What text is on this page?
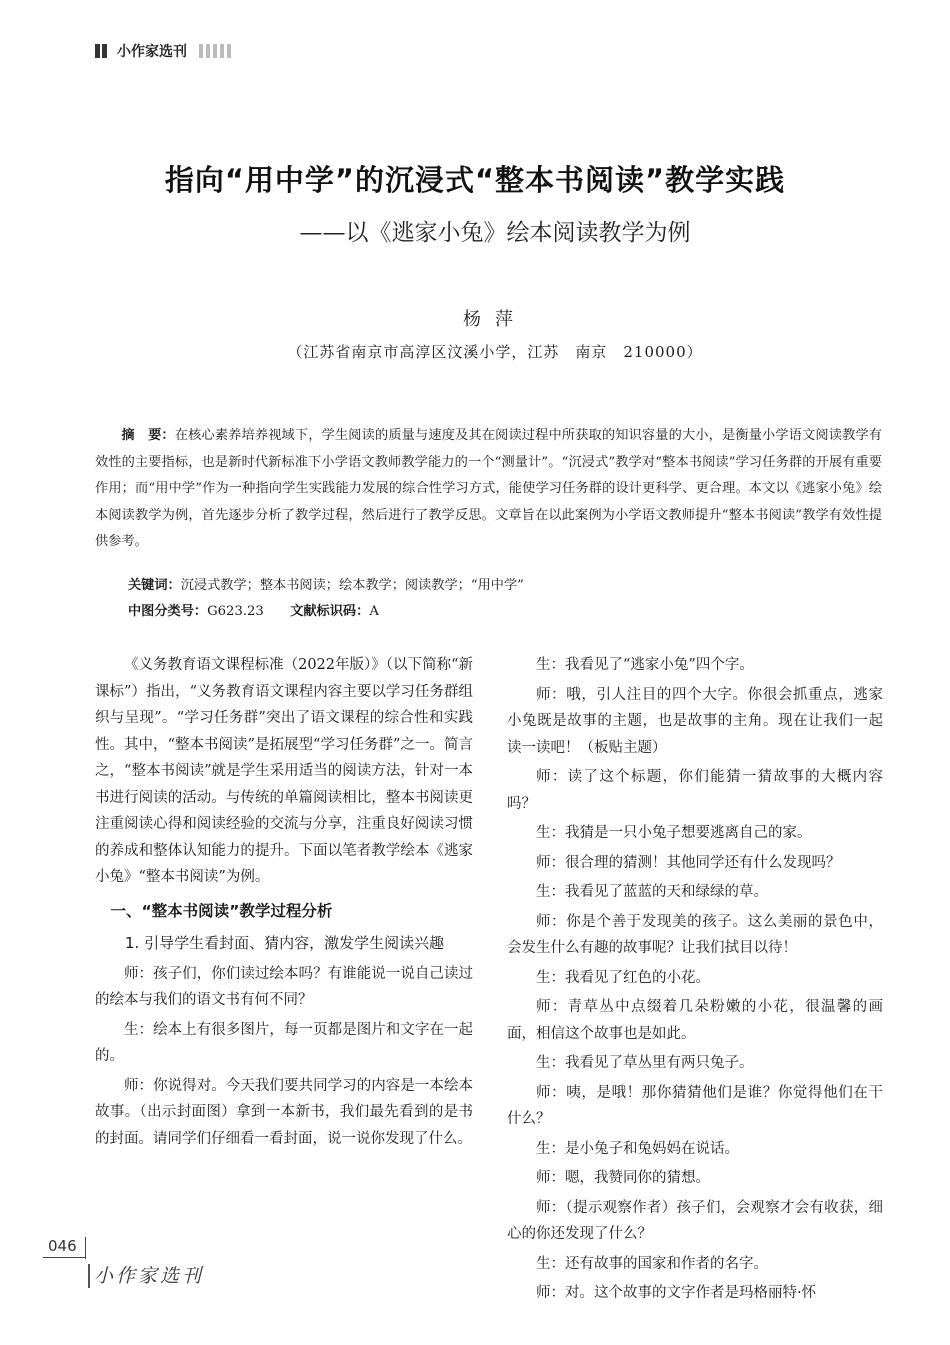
小作家选刊
指向“用中学”的沉浸式“整本书阅读”教学实践
——以《逃家小兔》绘本阅读教学为例
杨萍
（江苏省南京市高淳区汶溪小学，江苏　南京　210000）
摘　要：在核心素养培养视域下，学生阅读的质量与速度及其在阅读过程中所获取的知识容量的大小，是衡量小学语文阅读教学有效性的主要指标，也是新时代新标准下小学语文教师教学能力的一个“测量计”。“沉浸式”教学对“整本书阅读”学习任务群的开展有重要作用；而“用中学”作为一种指向学生实践能力发展的综合性学习方式，能使学习任务群的设计更科学、更合理。本文以《逃家小兔》绘本阅读教学为例，首先逐步分析了教学过程，然后进行了教学反思。文章旨在以此案例为小学语文教师提升“整本书阅读”教学有效性提供参考。
关键词：沉浸式教学；整本书阅读；绘本教学；阅读教学；“用中学”
中图分类号：G623.23　　 文献标识码：A

《义务教育语文课程标准（2022年版）》（以下简称“新课标”）指出，“义务教育语文课程内容主要以学习任务群组织与呈现”。“学习任务群”突出了语文课程的综合性和实践性。其中，“整本书阅读”是拓展型“学习任务群”之一。简言之，“整本书阅读”就是学生采用适当的阅读方法，针对一本书进行阅读的活动。与传统的单篇阅读相比，整本书阅读更注重阅读心得和阅读经验的交流与分享，注重良好阅读习惯的养成和整体认知能力的提升。下面以笔者教学绘本《逃家小兔》“整本书阅读”为例。

一、“整本书阅读”教学过程分析
1. 引导学生看封面、猜内容，激发学生阅读兴趣

师：孩子们，你们读过绘本吗？有谁能说一说自己读过的绘本与我们的语文书有何不同？

生：绘本上有很多图片，每一页都是图片和文字在一起的。

师：你说得对。今天我们要共同学习的内容是一本绘本故事。（出示封面图）拿到一本新书，我们最先看到的是书的封面。请同学们仔细看一看封面，说一说你发现了什么。

生：我看见了“逃家小兔”四个字。

师：哦，引人注目的四个大字。你很会抓重点，逃家小兔既是故事的主题，也是故事的主角。现在让我们一起读一读吧！（板贴主题）

师：读了这个标题，你们能猜一猜故事的大概内容吗？

生：我猜是一只小兔子想要逃离自己的家。

师：很合理的猜测！其他同学还有什么发现吗？

生：我看见了蓝蓝的天和绿绿的草。

师：你是个善于发现美的孩子。这么美丽的景色中，会发生什么有趣的故事呢？让我们拭目以待！

生：我看见了红色的小花。

师：青草丛中点缀着几朵粉嫩的小花，很温馨的画面，相信这个故事也是如此。

生：我看见了草丛里有两只兔子。

师：咦，是哦！那你猜猜他们是谁？你觉得他们在干什么？

生：是小兔子和兔妈妈在说话。

师：嗯，我赞同你的猜想。

师：（提示观察作者）孩子们，会观察才会有收获，细心的你还发现了什么？

生：还有故事的国家和作者的名字。

师：对。这个故事的文字作者是玛格丽特·怀

046
小作家选刊
